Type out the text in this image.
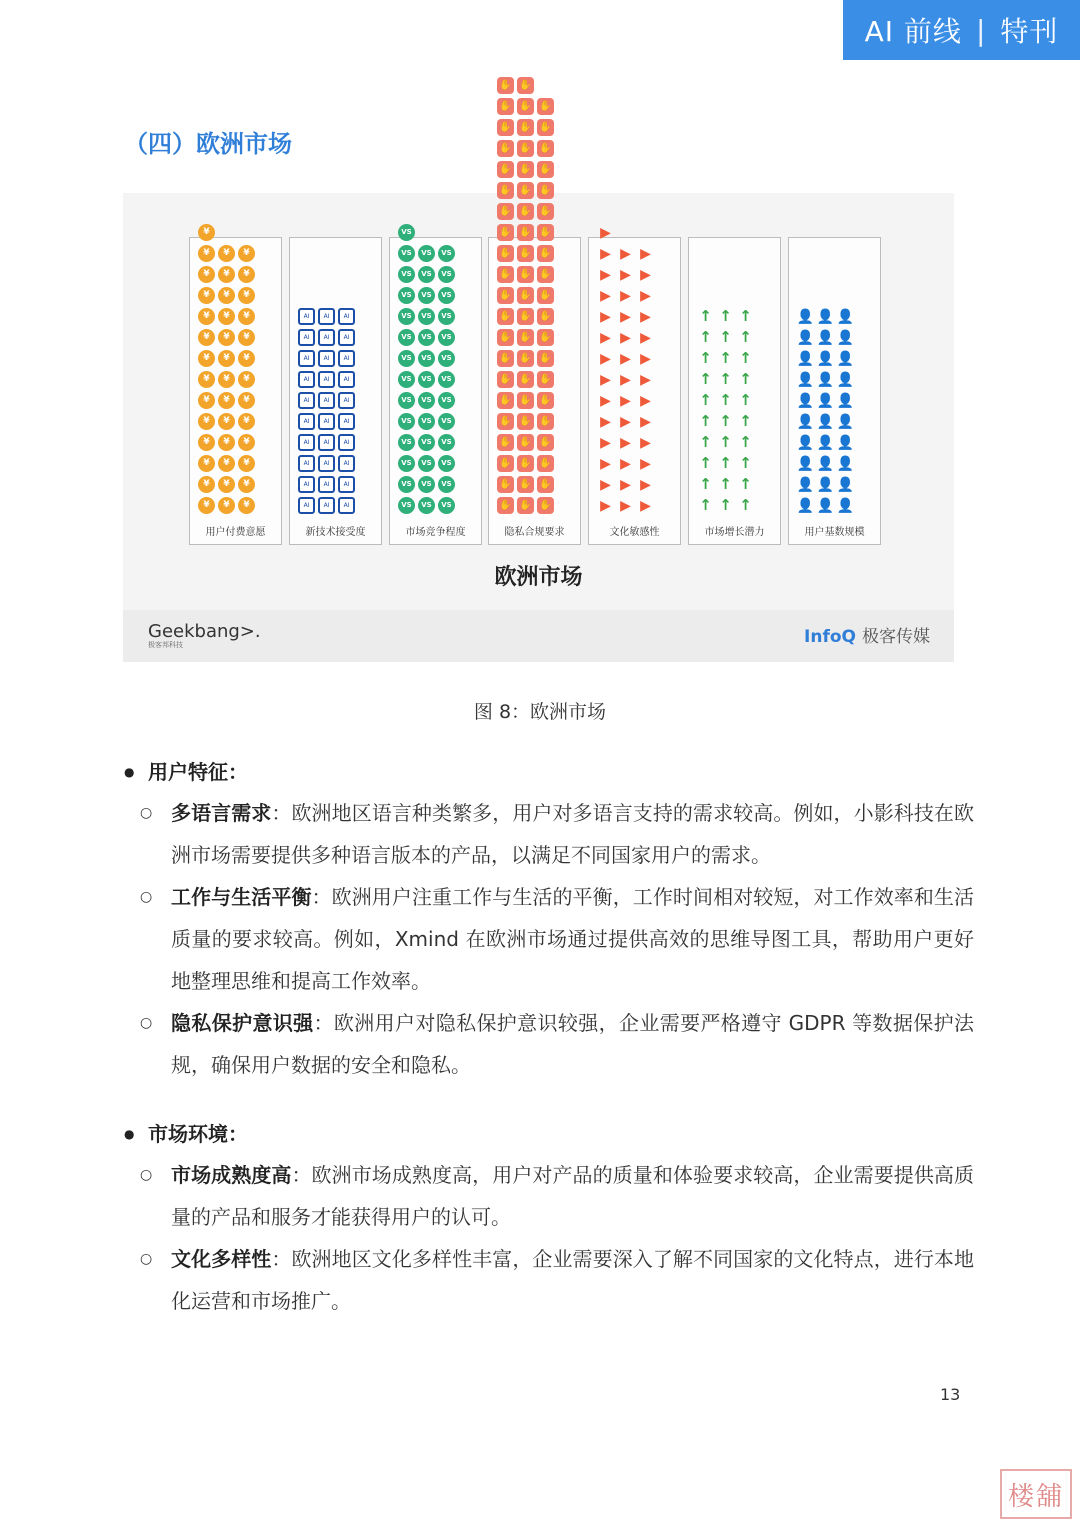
AI 前线 | 特刊
（四）欧洲市场
¥	¥	¥
¥	¥	¥
¥	¥	¥
¥	¥	¥
¥	¥	¥
¥	¥	¥
¥	¥	¥
¥	¥	¥
¥	¥	¥
¥	¥	¥
¥	¥	¥
¥	¥	¥
¥	¥	¥
¥
用户付费意愿
AI	AI	AI
AI	AI	AI
AI	AI	AI
AI	AI	AI
AI	AI	AI
AI	AI	AI
AI	AI	AI
AI	AI	AI
AI	AI	AI
AI	AI	AI
新技术接受度
VS	VS	VS
VS	VS	VS
VS	VS	VS
VS	VS	VS
VS	VS	VS
VS	VS	VS
VS	VS	VS
VS	VS	VS
VS	VS	VS
VS	VS	VS
VS	VS	VS
VS	VS	VS
VS	VS	VS
VS
市场竞争程度
✋ ✋ ✋
✋ ✋ ✋
✋ ✋ ✋
✋ ✋ ✋
✋ ✋ ✋
✋ ✋ ✋
✋ ✋ ✋
✋ ✋ ✋
✋ ✋ ✋
✋ ✋ ✋
✋ ✋ ✋
✋ ✋ ✋
✋ ✋ ✋
✋ ✋ ✋
✋ ✋ ✋
✋ ✋ ✋
✋ ✋ ✋
✋ ✋ ✋
✋ ✋ ✋
✋ ✋ ✋
✋ ✋
隐私合规要求
▶ ▶ ▶
▶ ▶ ▶
▶ ▶ ▶
▶ ▶ ▶
▶ ▶ ▶
▶ ▶ ▶
▶ ▶ ▶
▶ ▶ ▶
▶ ▶ ▶
▶ ▶ ▶
▶ ▶ ▶
▶ ▶ ▶
▶ ▶ ▶
▶
文化敏感性
↑ ↑ ↑
↑ ↑ ↑
↑ ↑ ↑
↑ ↑ ↑
↑ ↑ ↑
↑ ↑ ↑
↑ ↑ ↑
↑ ↑ ↑
↑ ↑ ↑
↑ ↑ ↑
市场增长潜力
👤 👤 👤
👤 👤 👤
👤 👤 👤
👤 👤 👤
👤 👤 👤
👤 👤 👤
👤 👤 👤
👤 👤 👤
👤 👤 👤
👤 👤 👤
用户基数规模
欧洲市场
Geekbang>.
极客邦科技	InfoQ 极客传媒
图 8：欧洲市场
● 用户特征：
○ 多语言需求：欧洲地区语言种类繁多，用户对多语言支持的需求较高。例如，小影科技在欧洲市场需要提供多种语言版本的产品，以满足不同国家用户的需求。
○ 工作与生活平衡：欧洲用户注重工作与生活的平衡，工作时间相对较短，对工作效率和生活质量的要求较高。例如，Xmind 在欧洲市场通过提供高效的思维导图工具，帮助用户更好地整理思维和提高工作效率。
○ 隐私保护意识强：欧洲用户对隐私保护意识较强，企业需要严格遵守 GDPR 等数据保护法规，确保用户数据的安全和隐私。
● 市场环境：
○ 市场成熟度高：欧洲市场成熟度高，用户对产品的质量和体验要求较高，企业需要提供高质量的产品和服务才能获得用户的认可。
○ 文化多样性：欧洲地区文化多样性丰富，企业需要深入了解不同国家的文化特点，进行本地化运营和市场推广。
13
楼舖
